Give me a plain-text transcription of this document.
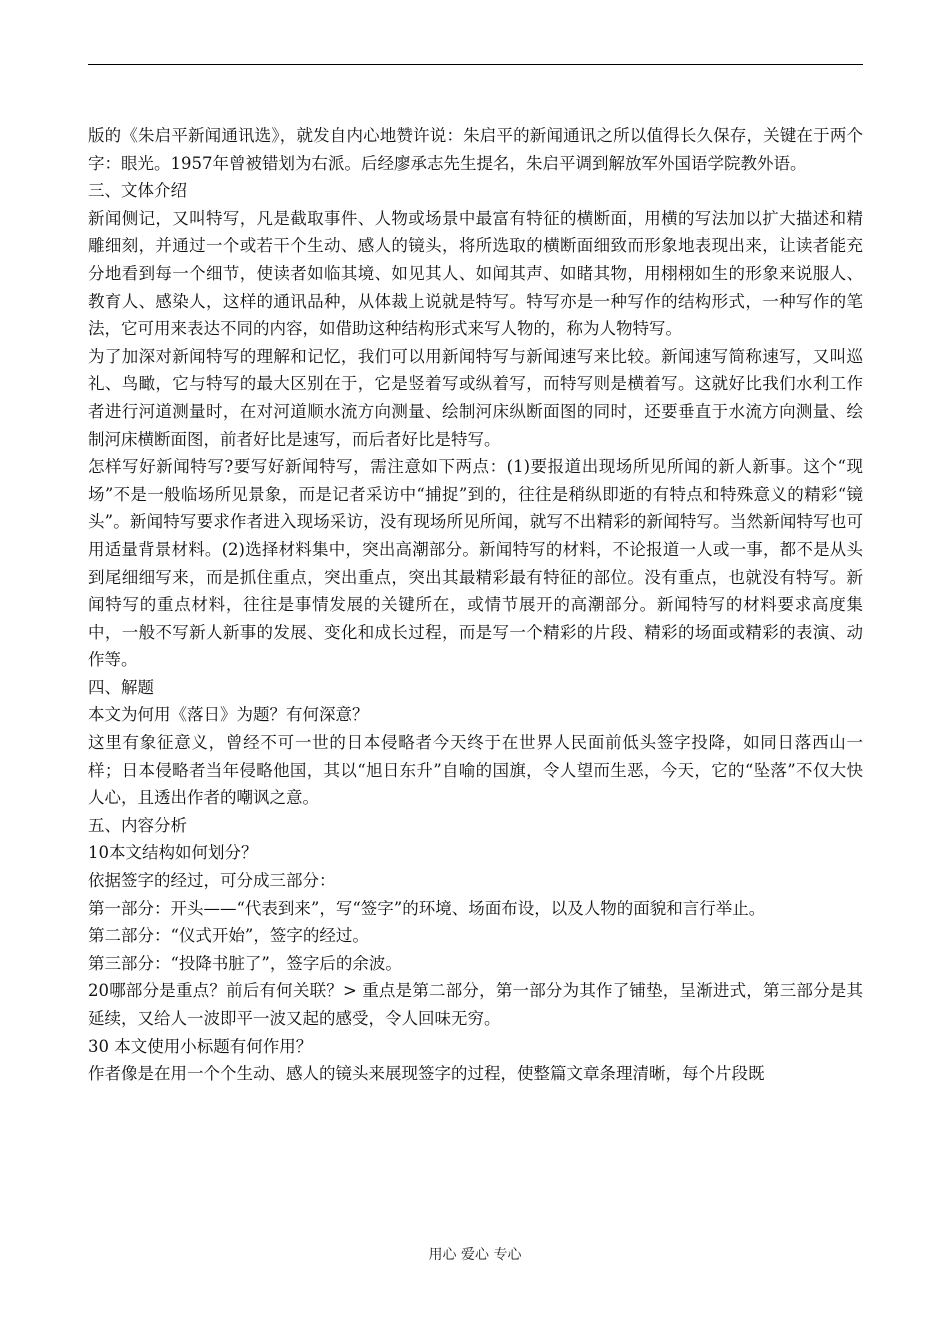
版的《朱启平新闻通讯选》，就发自内心地赞许说：朱启平的新闻通讯之所以值得长久保存，关键在于两个字：眼光。1957年曾被错划为右派。后经廖承志先生提名，朱启平调到解放军外国语学院教外语。

三、文体介绍

新闻侧记，又叫特写，凡是截取事件、人物或场景中最富有特征的横断面，用横的写法加以扩大描述和精雕细刻，并通过一个或若干个生动、感人的镜头，将所选取的横断面细致而形象地表现出来，让读者能充分地看到每一个细节，使读者如临其境、如见其人、如闻其声、如睹其物，用栩栩如生的形象来说服人、教育人、感染人，这样的通讯品种，从体裁上说就是特写。特写亦是一种写作的结构形式，一种写作的笔法，它可用来表达不同的内容，如借助这种结构形式来写人物的，称为人物特写。

为了加深对新闻特写的理解和记忆，我们可以用新闻特写与新闻速写来比较。新闻速写简称速写，又叫巡礼、鸟瞰，它与特写的最大区别在于，它是竖着写或纵着写，而特写则是横着写。这就好比我们水利工作者进行河道测量时，在对河道顺水流方向测量、绘制河床纵断面图的同时，还要垂直于水流方向测量、绘制河床横断面图，前者好比是速写，而后者好比是特写。

怎样写好新闻特写?要写好新闻特写，需注意如下两点：(1)要报道出现场所见所闻的新人新事。这个“现场”不是一般临场所见景象，而是记者采访中“捕捉”到的，往往是稍纵即逝的有特点和特殊意义的精彩“镜头”。新闻特写要求作者进入现场采访，没有现场所见所闻，就写不出精彩的新闻特写。当然新闻特写也可用适量背景材料。(2)选择材料集中，突出高潮部分。新闻特写的材料，不论报道一人或一事，都不是从头到尾细细写来，而是抓住重点，突出重点，突出其最精彩最有特征的部位。没有重点，也就没有特写。新闻特写的重点材料，往往是事情发展的关键所在，或情节展开的高潮部分。新闻特写的材料要求高度集中，一般不写新人新事的发展、变化和成长过程，而是写一个精彩的片段、精彩的场面或精彩的表演、动作等。

四、解题

本文为何用《落日》为题？有何深意？

这里有象征意义，曾经不可一世的日本侵略者今天终于在世界人民面前低头签字投降，如同日落西山一样；日本侵略者当年侵略他国，其以“旭日东升”自喻的国旗，令人望而生恶，今天，它的“坠落”不仅大快人心，且透出作者的嘲讽之意。

五、内容分析

10本文结构如何划分？

依据签字的经过，可分成三部分：

第一部分：开头——“代表到来”，写“签字”的环境、场面布设，以及人物的面貌和言行举止。

第二部分：“仪式开始”，签字的经过。

第三部分：“投降书脏了”，签字后的余波。

20哪部分是重点？前后有何关联？> 重点是第二部分，第一部分为其作了铺垫，呈渐进式，第三部分是其延续，又给人一波即平一波又起的感受，令人回味无穷。

30 本文使用小标题有何作用？

作者像是在用一个个生动、感人的镜头来展现签字的过程，使整篇文章条理清晰，每个片段既

用心 爱心 专心
